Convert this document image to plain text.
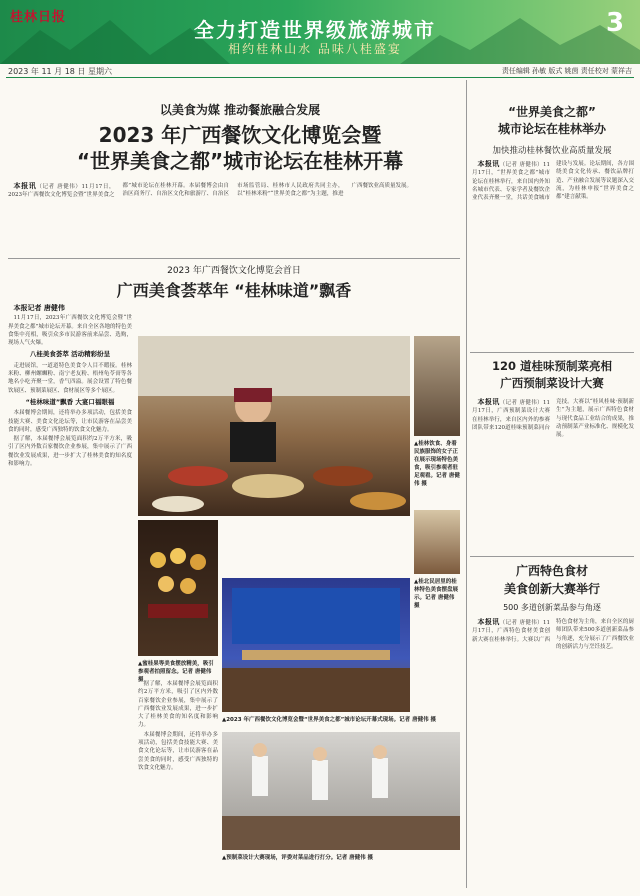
桂林日报
全力打造世界级旅游城市
相约桂林山水 品味八桂盛宴
3
2023 年 11 月 18 日 星期六	责任编辑 孙敏 版式 姚茵 责任校对 蒙祥吉
以美食为媒 推动餐旅融合发展
2023 年广西餐饮文化博览会暨
“世界美食之都”城市论坛在桂林开幕

本报讯（记者 唐健伟）11月17日，2023年广西餐饮文化博览会暨“世界美食之都”城市论坛在桂林开幕。本届餐博会由自治区商务厅、自治区文化和旅游厅、自治区市场监管局、桂林市人民政府共同主办，以“桂林米粉”“世界美食之都”为主题，推进广西餐饮业高质量发展。

2023 年广西餐饮文化博览会首日
广西美食荟萃年 “桂林味道”飘香

本报记者 唐健伟

11月17日，2023年广西餐饮文化博览会暨“世界美食之都”城市论坛开幕。来自全区各地的特色美食集中亮相，吸引众多市民游客前来品尝、选购，现场人气火爆。

八桂美食荟萃 活动精彩纷呈

走进展馆，一道道特色美食令人目不暇接。桂林米粉、柳州螺蛳粉、南宁老友粉、梧州龟苓膏等各地名小吃齐聚一堂，香气四溢。展会设置了特色餐饮展区、预制菜展区、食材展区等多个展区。

“桂林味道”飘香 大宴口福眼福

本届餐博会期间，还将举办多项活动，包括美食技能大赛、美食文化论坛等，让市民游客在品尝美食的同时，感受广西独特的饮食文化魅力。

据了解，本届餐博会展览面积约2万平方米，吸引了区内外数百家餐饮企业参展，集中展示了广西餐饮业发展成果，进一步扩大了桂林美食的知名度和影响力。

▲桂林饮食、身着民族服饰的女子正在展示现场特色美食，吸引参观者驻足观看。记者 唐健伟 摄
▲桂北民居里的桂林特色美食摆盘展示。记者 唐健伟 摄
▲蜜桂果等美食摆放精美，吸引参观者拍照留念。记者 唐健伟 摄
▲2023 年广西餐饮文化博览会暨“世界美食之都”城市论坛开幕式现场。记者 唐健伟 摄

据了解，本届餐博会展览面积约2万平方米，吸引了区内外数百家餐饮企业参展，集中展示了广西餐饮业发展成果，进一步扩大了桂林美食的知名度和影响力。

本届餐博会期间，还将举办多项活动，包括美食技能大赛、美食文化论坛等，让市民游客在品尝美食的同时，感受广西独特的饮食文化魅力。

▲预制菜设计大赛现场，评委对菜品进行打分。记者 唐健伟 摄
“世界美食之都”
城市论坛在桂林举办
加快推动桂林餐饮业高质量发展

本报讯（记者 唐健伟）11月17日，“世界美食之都”城市论坛在桂林举行，来自国内外知名城市代表、专家学者及餐饮企业代表齐聚一堂，共话美食城市建设与发展。论坛期间，各方围绕美食文化传承、餐饮品牌打造、产业融合发展等议题深入交流，为桂林申报“世界美食之都”建言献策。

120 道桂味预制菜亮相
广西预制菜设计大赛

本报讯（记者 唐健伟）11月17日，广西预制菜设计大赛在桂林举行，来自区内外的参赛团队带来120道桂味预制菜同台竞技。大赛以“桂风桂味·预制新生”为主题，展示广西特色食材与现代食品工业结合的成果，推动预制菜产业标准化、规模化发展。

广西特色食材
美食创新大赛举行
500 多道创新菜品参与角逐

本报讯（记者 唐健伟）11月17日，广西特色食材美食创新大赛在桂林举行。大赛以广西特色食材为主角，来自全区的厨师团队带来500多道创新菜品参与角逐，充分展示了广西餐饮业的创新活力与烹饪技艺。
